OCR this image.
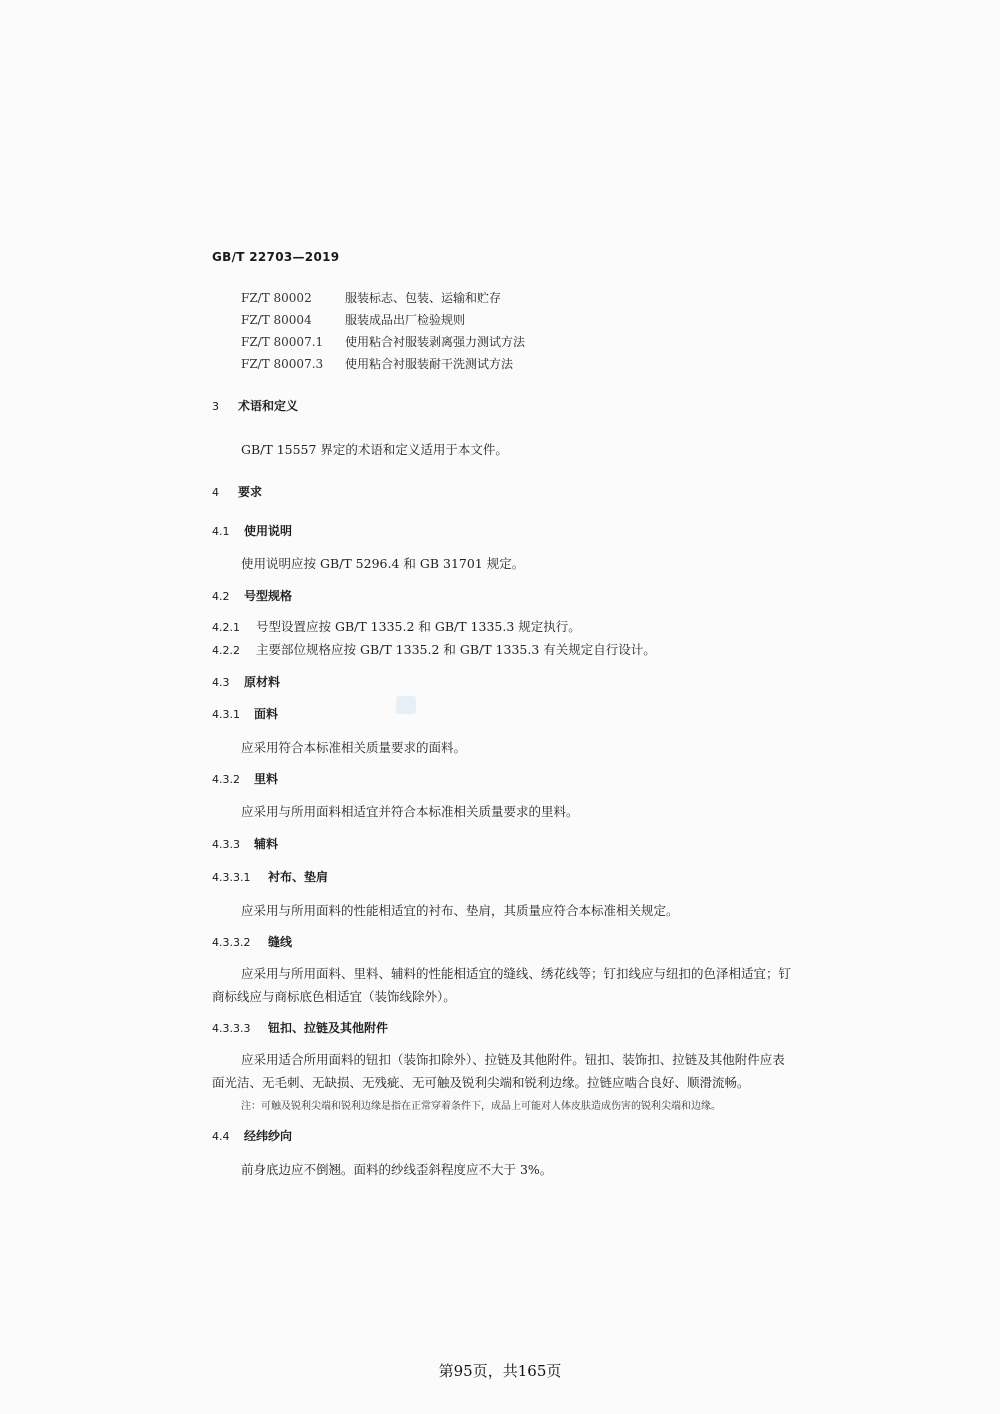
GB/T 22703—2019
FZ/T 80002	服装标志、包装、运输和贮存
FZ/T 80004	服装成品出厂检验规则
FZ/T 80007.1	使用粘合衬服装剥离强力测试方法
FZ/T 80007.3	使用粘合衬服装耐干洗测试方法
3 术语和定义
GB/T 15557 界定的术语和定义适用于本文件。
4 要求
4.1 使用说明
使用说明应按 GB/T 5296.4 和 GB 31701 规定。
4.2 号型规格
4.2.1 号型设置应按 GB/T 1335.2 和 GB/T 1335.3 规定执行。
4.2.2 主要部位规格应按 GB/T 1335.2 和 GB/T 1335.3 有关规定自行设计。
4.3 原材料
4.3.1 面料
应采用符合本标准相关质量要求的面料。
4.3.2 里料
应采用与所用面料相适宜并符合本标准相关质量要求的里料。
4.3.3 辅料
4.3.3.1 衬布、垫肩
应采用与所用面料的性能相适宜的衬布、垫肩，其质量应符合本标准相关规定。
4.3.3.2 缝线
应采用与所用面料、里料、辅料的性能相适宜的缝线、绣花线等；钉扣线应与纽扣的色泽相适宜；钉
商标线应与商标底色相适宜（装饰线除外）。
4.3.3.3 钮扣、拉链及其他附件
应采用适合所用面料的钮扣（装饰扣除外）、拉链及其他附件。钮扣、装饰扣、拉链及其他附件应表
面光洁、无毛刺、无缺损、无残疵、无可触及锐利尖端和锐利边缘。拉链应啮合良好、顺滑流畅。
注：可触及锐利尖端和锐利边缘是指在正常穿着条件下，成品上可能对人体皮肤造成伤害的锐利尖端和边缘。
4.4 经纬纱向
前身底边应不倒翘。面料的纱线歪斜程度应不大于 3%。
第95页，共165页
